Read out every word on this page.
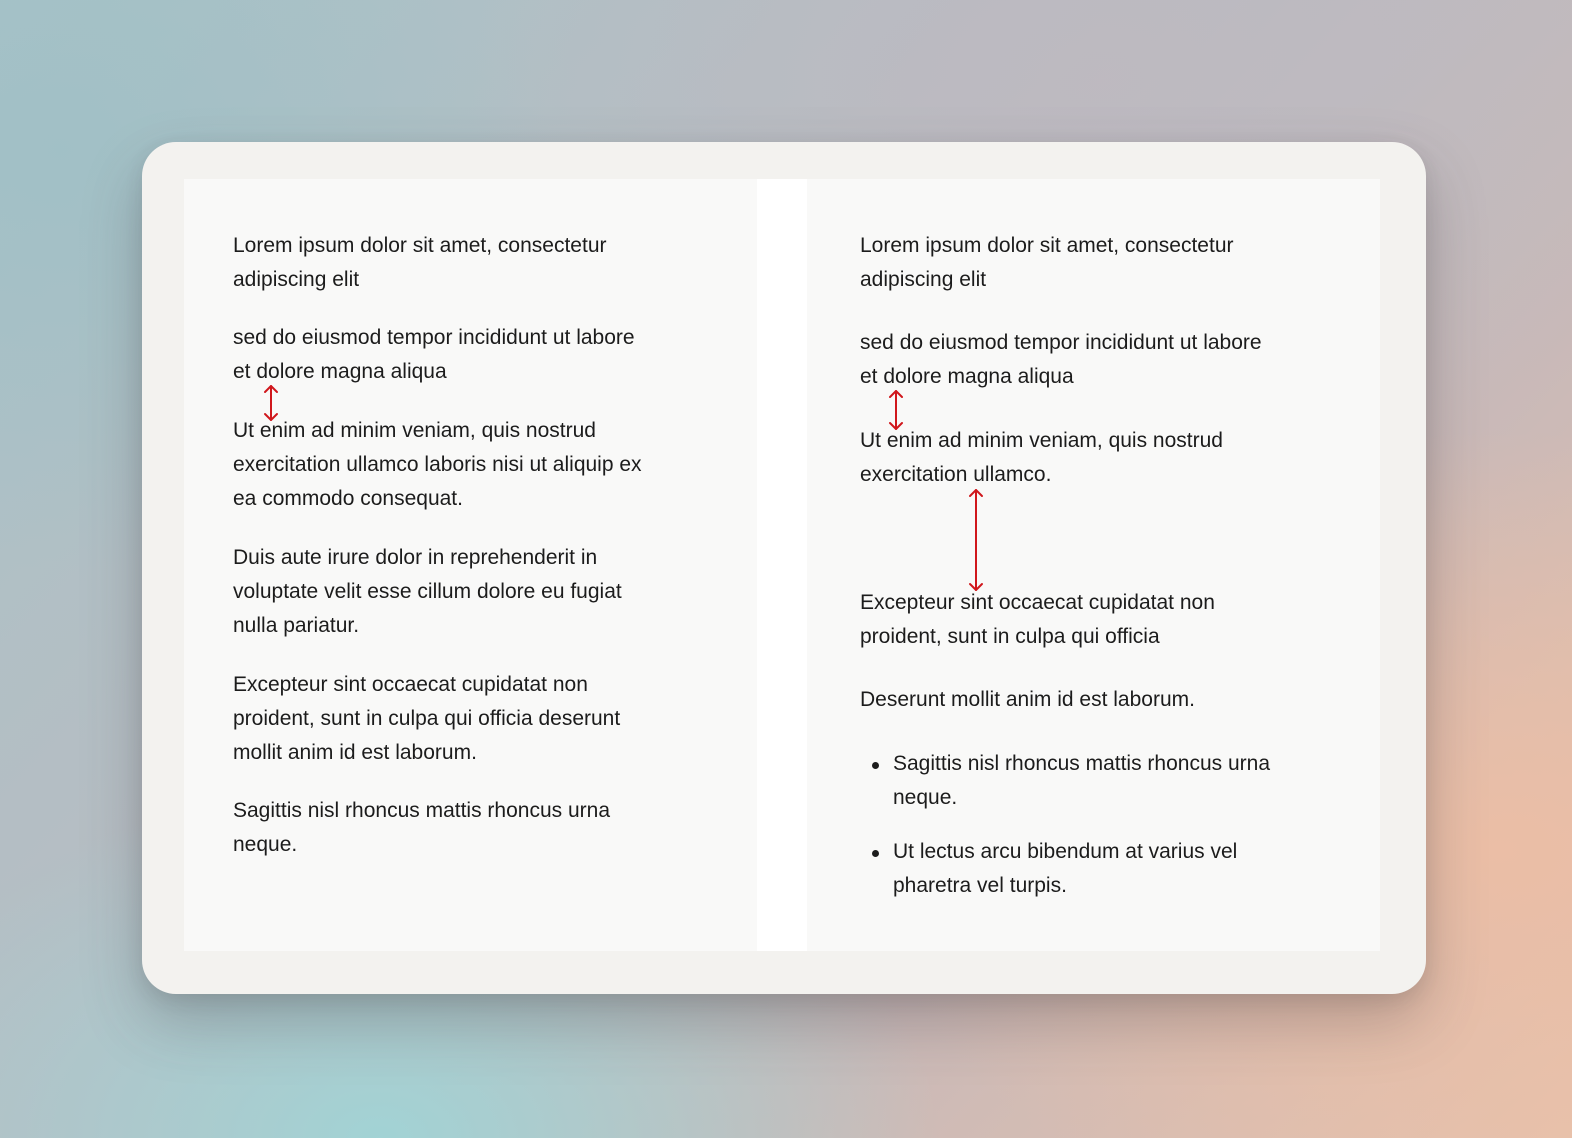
Lorem ipsum dolor sit amet, consectetur
adipiscing elit

sed do eiusmod tempor incididunt ut labore
et dolore magna aliqua

Ut enim ad minim veniam, quis nostrud
exercitation ullamco laboris nisi ut aliquip ex
ea commodo consequat.

Duis aute irure dolor in reprehenderit in
voluptate velit esse cillum dolore eu fugiat
nulla pariatur.

Excepteur sint occaecat cupidatat non
proident, sunt in culpa qui officia deserunt
mollit anim id est laborum.

Sagittis nisl rhoncus mattis rhoncus urna
neque.

Lorem ipsum dolor sit amet, consectetur
adipiscing elit

sed do eiusmod tempor incididunt ut labore
et dolore magna aliqua

Ut enim ad minim veniam, quis nostrud
exercitation ullamco.

Excepteur sint occaecat cupidatat non
proident, sunt in culpa qui officia

Deserunt mollit anim id est laborum.

Sagittis nisl rhoncus mattis rhoncus urna
neque.
Ut lectus arcu bibendum at varius vel
pharetra vel turpis.
